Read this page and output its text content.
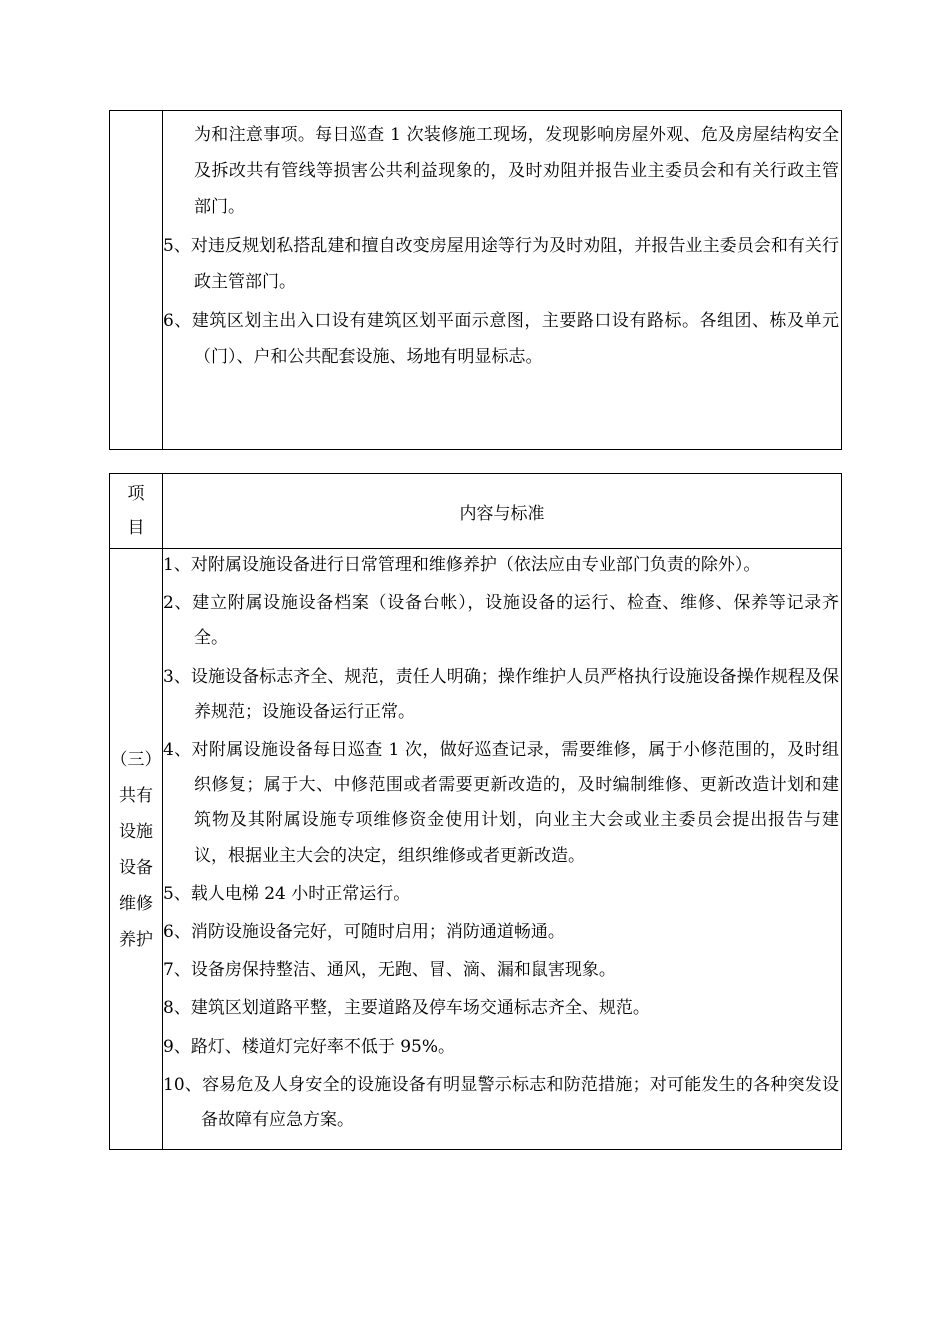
为和注意事项。每日巡查 1 次装修施工现场，发现影响房屋外观、危及房屋结构安全及拆改共有管线等损害公共利益现象的，及时劝阻并报告业主委员会和有关行政主管部门。

5、对违反规划私搭乱建和擅自改变房屋用途等行为及时劝阻，并报告业主委员会和有关行政主管部门。

6、建筑区划主出入口设有建筑区划平面示意图，主要路口设有路标。各组团、栋及单元（门）、户和公共配套设施、场地有明显标志。

项
目
内容与标准
（三）
共有
设施
设备
维修
养护

1、对附属设施设备进行日常管理和维修养护（依法应由专业部门负责的除外）。

2、建立附属设施设备档案（设备台帐），设施设备的运行、检查、维修、保养等记录齐全。

3、设施设备标志齐全、规范，责任人明确；操作维护人员严格执行设施设备操作规程及保养规范；设施设备运行正常。

4、对附属设施设备每日巡查 1 次，做好巡查记录，需要维修，属于小修范围的，及时组织修复；属于大、中修范围或者需要更新改造的，及时编制维修、更新改造计划和建筑物及其附属设施专项维修资金使用计划，向业主大会或业主委员会提出报告与建议，根据业主大会的决定，组织维修或者更新改造。

5、载人电梯 24 小时正常运行。

6、消防设施设备完好，可随时启用；消防通道畅通。

7、设备房保持整洁、通风，无跑、冒、滴、漏和鼠害现象。

8、建筑区划道路平整，主要道路及停车场交通标志齐全、规范。

9、路灯、楼道灯完好率不低于 95%。

10、容易危及人身安全的设施设备有明显警示标志和防范措施；对可能发生的各种突发设备故障有应急方案。
